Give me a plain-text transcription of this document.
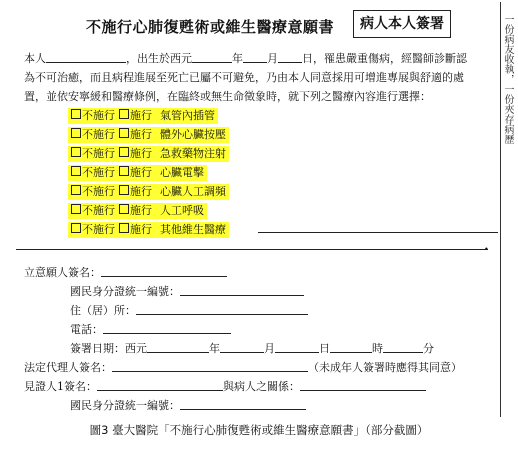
不施行心肺復甦術或維生醫療意願書	病人本人簽署
本人	，出生於西元	年 月 日，罹患嚴重傷病，經醫師診斷認
為不可治癒，而且病程進展至死亡已屬不可避免，乃由本人同意採用可增進專展與舒適的處
置，並依安寧緩和醫療條例，在臨終或無生命徵象時，就下列之醫療內容進行選擇：
不施行 施行 氣管內插管
不施行 施行 體外心臟按壓
不施行 施行 急救藥物注射
不施行 施行 心臟電擊
不施行 施行 心臟人工調頻
不施行 施行 人工呼吸
不施行 施行 其他維生醫療
•
立意願人簽名：
國民身分證統一編號：
住（居）所：
電話：
簽署日期：西元	年	月	日	時	分
法定代理人簽名：	（未成年人簽署時應得其同意）
見證人1簽名：	與病人之關係：
國民身分證統一編號：
一份病友收執，一份夾存病歷
圖3 臺大醫院「不施行心肺復甦術或維生醫療意願書」（部分截圖）
